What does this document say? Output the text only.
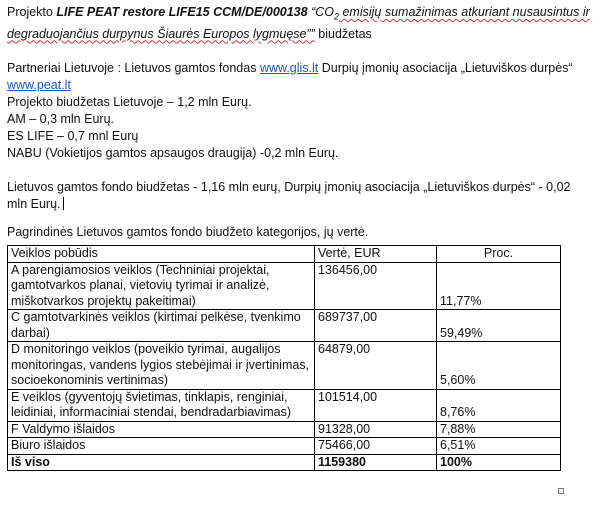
Projekto LIFE PEAT restore LIFE15 CCM/DE/000138 “$CO_2$ emisijų sumažinimas atkuriant nusausintus ir degraduojančius durpynus Šiaurės Europos lygmuęse”” biudžetas

Partneriai Lietuvoje : Lietuvos gamtos fondas www.glis.lt Durpių įmonių asociacija „Lietuviškos durpės“ www.peat.lt

Projekto biudžetas Lietuvoje – 1,2 mln Eurų.

AM – 0,3 mln Eurų.

ES LIFE – 0,7 mnl Eurų

NABU (Vokietijos gamtos apsaugos draugija) -0,2 mln Eurų.

Lietuvos gamtos fondo biudžetas - 1,16 mln eurų, Durpių įmonių asociacija „Lietuviškos durpės“ - 0,02 mln Eurų.

Pagrindinės Lietuvos gamtos fondo biudžeto kategorijos, jų vertė.

Veiklos pobūdis	Vertė, EUR	Proc.
A parengiamosios veiklos (Techniniai projektai, gamtotvarkos planai, vietovių tyrimai ir analizė, miškotvarkos projektų pakeitimai)	136456,00	11,77%
C gamtotvarkinės veiklos (kirtimai pelkėse, tvenkimo darbai)	689737,00	59,49%
D monitoringo veiklos (poveikio tyrimai, augalijos monitoringas, vandens lygios stebėjimai ir įvertinimas, socioekonominis vertinimas)	64879,00	5,60%
E veiklos (gyventojų švietimas, tinklapis, renginiai, leidiniai, informaciniai stendai, bendradarbiavimas)	101514,00	8,76%
F Valdymo išlaidos	91328,00	7,88%
Biuro išlaidos	75466,00	6,51%
Iš viso	1159380	100%
